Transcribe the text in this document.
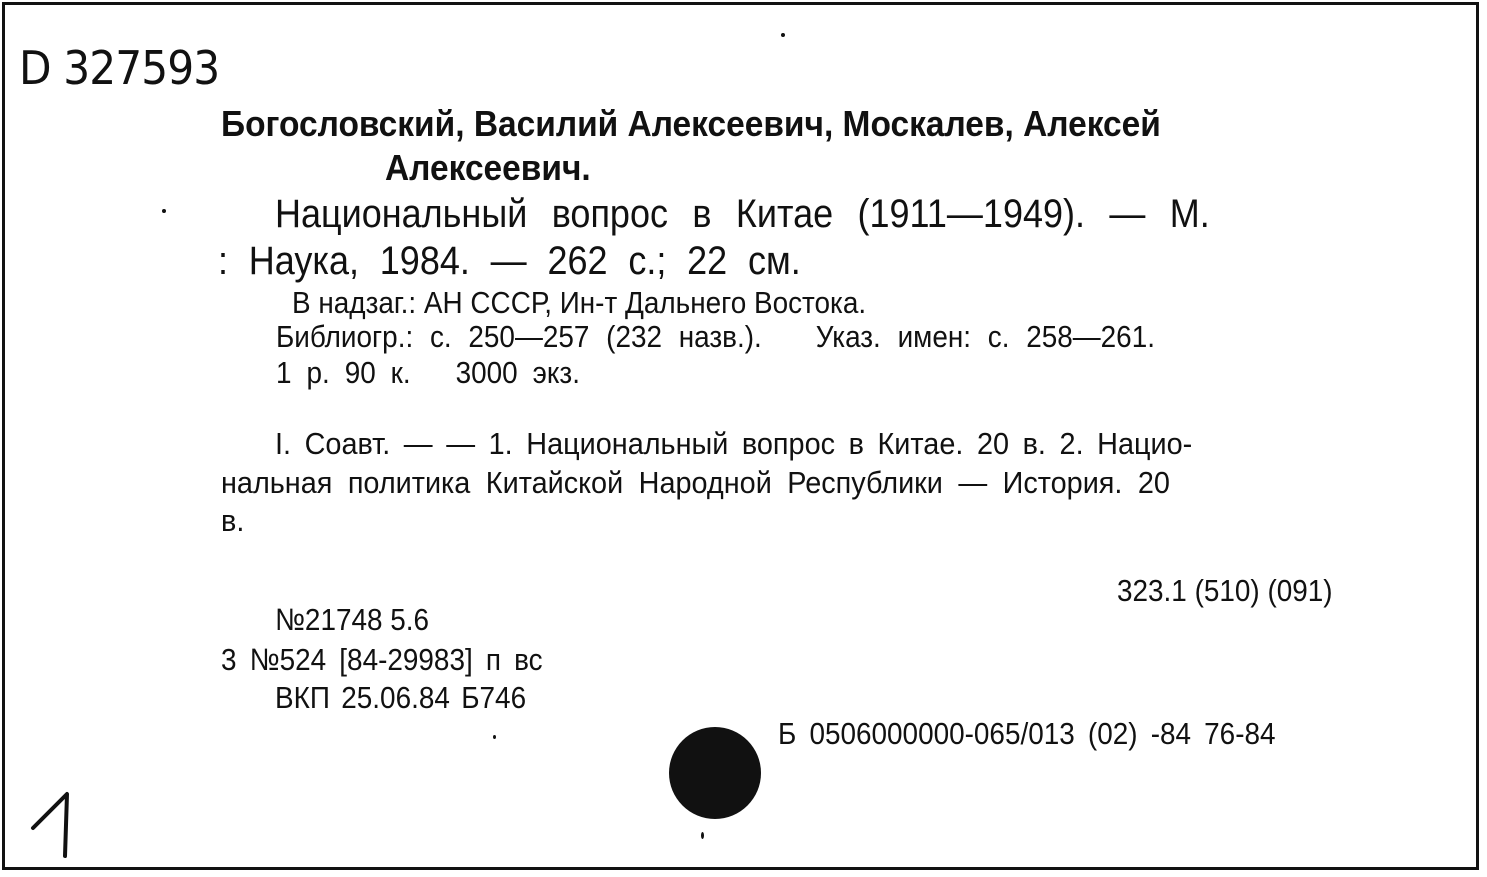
D 327593
Богословский, Василий Алексеевич, Москалев, Алексей
Алексеевич.
Национальный вопрос в Китае (1911—1949). — М.
: Наука, 1984. — 262 с.; 22 см.
В надзаг.: АН СССР, Ин-т Дальнего Востока.
Библиогр.: с. 250—257 (232 назв.). Указ. имен: с. 258—261.
1 р. 90 к. 3000 экз.
I. Соавт. — — 1. Национальный вопрос в Китае. 20 в. 2. Нацио-
нальная политика Китайской Народной Республики — История. 20
в.
323.1 (510) (091)
№21748 5.6
3 №524 [84-29983] п вс
ВКП 25.06.84 Б746
Б 0506000000-065/013 (02) -84 76-84
